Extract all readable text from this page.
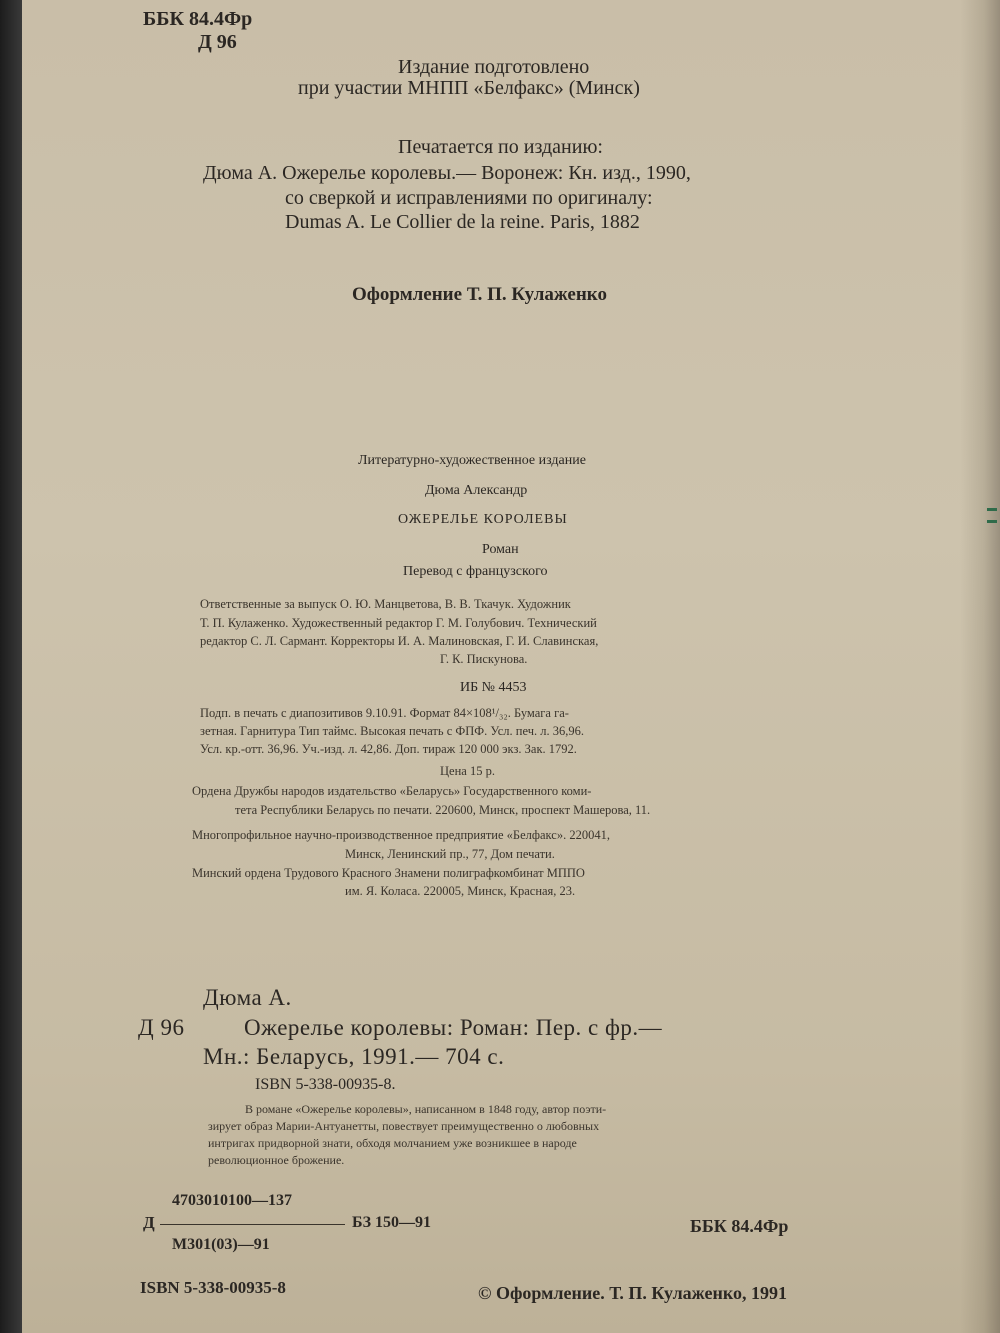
ББК 84.4Фр
Д 96
Издание подготовлено
при участии МНПП «Белфакс» (Минск)
Печатается по изданию:
Дюма А. Ожерелье королевы.— Воронеж: Кн. изд., 1990,
со сверкой и исправлениями по оригиналу:
Dumas A. Le Collier de la reine. Paris, 1882
Оформление Т. П. Кулаженко
Литературно-художественное издание
Дюма Александр
ОЖЕРЕЛЬЕ КОРОЛЕВЫ
Роман
Перевод с французского
Ответственные за выпуск О. Ю. Манцветова, В. В. Ткачук. Художник
Т. П. Кулаженко. Художественный редактор Г. М. Голубович. Технический
редактор С. Л. Сармант. Корректоры И. А. Малиновская, Г. И. Славинская,
Г. К. Пискунова.
ИБ № 4453
Подп. в печать с диапозитивов 9.10.91. Формат 84×108¹/₃₂. Бумага га-
зетная. Гарнитура Тип таймс. Высокая печать с ФПФ. Усл. печ. л. 36,96.
Усл. кр.-отт. 36,96. Уч.-изд. л. 42,86. Доп. тираж 120 000 экз. Зак. 1792.
Цена 15 р.
Ордена Дружбы народов издательство «Беларусь» Государственного коми-
тета Республики Беларусь по печати. 220600, Минск, проспект Машерова, 11.
Многопрофильное научно-производственное предприятие «Белфакс». 220041,
Минск, Ленинский пр., 77, Дом печати.
Минский ордена Трудового Красного Знамени полиграфкомбинат МППО
им. Я. Коласа. 220005, Минск, Красная, 23.
Дюма А.
Д 96	Ожерелье королевы: Роман: Пер. с фр.—
Мн.: Беларусь, 1991.— 704 с.
ISBN 5-338-00935-8.
В романе «Ожерелье королевы», написанном в 1848 году, автор поэти-
зирует образ Марии-Антуанетты, повествует преимущественно о любовных
интригах придворной знати, обходя молчанием уже возникшее в народе
революционное брожение.
4703010100—137
Д	БЗ 150—91
М301(03)—91
ББК 84.4Фр
ISBN 5-338-00935-8	© Оформление. Т. П. Кулаженко, 1991
